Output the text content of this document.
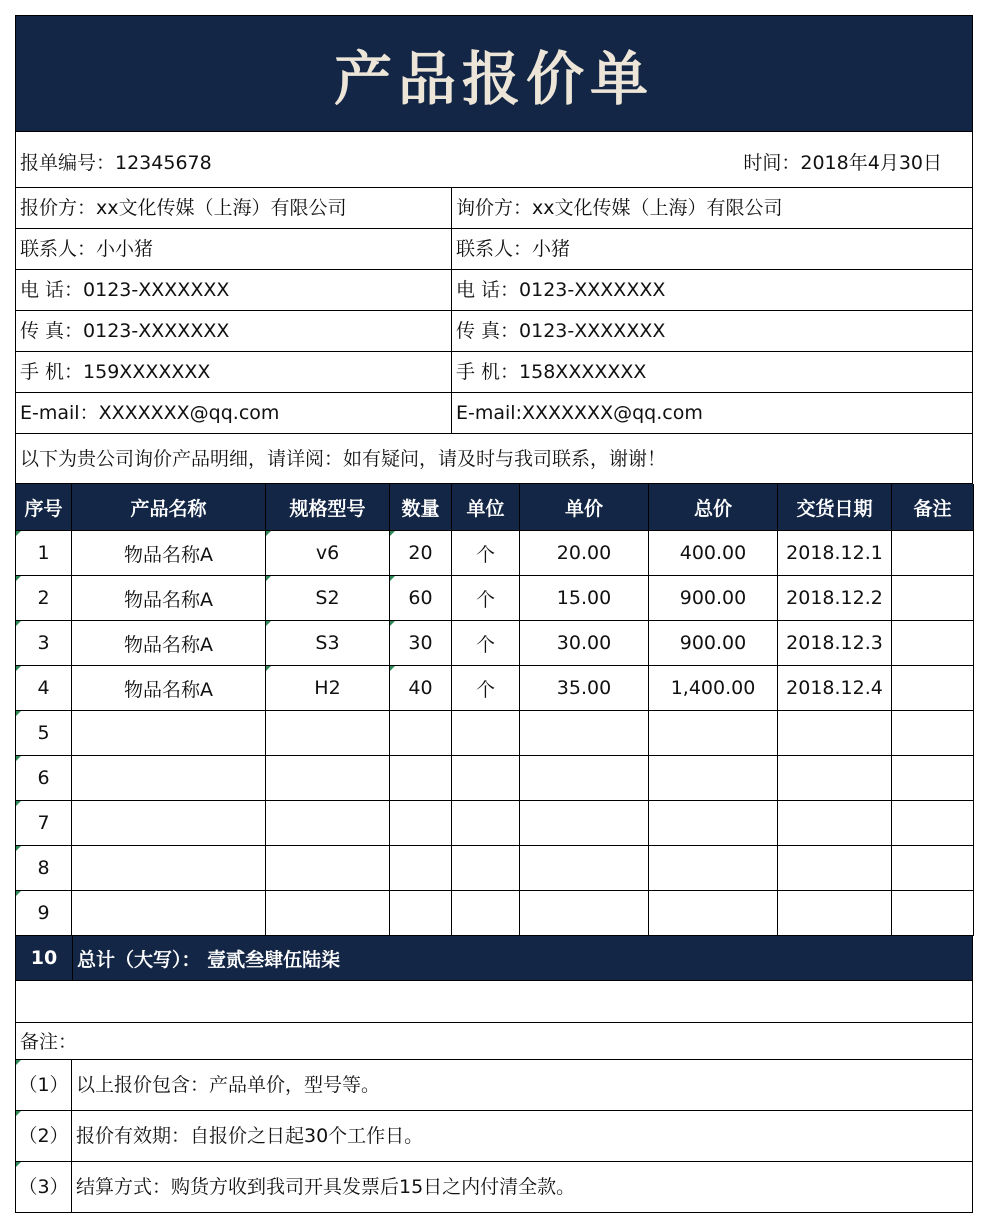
产品报价单
报单编号：12345678	时间：2018年4月30日
报价方：xx文化传媒（上海）有限公司	询价方：xx文化传媒（上海）有限公司
联系人：小小猪	联系人：小猪
电 话：0123-XXXXXXX	电 话：0123-XXXXXXX
传 真：0123-XXXXXXX	传 真：0123-XXXXXXX
手 机：159XXXXXXX	手 机：158XXXXXXX
E-mail：XXXXXXX@qq.com	E-mail:XXXXXXX@qq.com
以下为贵公司询价产品明细，请详阅：如有疑问，请及时与我司联系，谢谢！
序号	产品名称	规格型号	数量	单位	单价	总价	交货日期	备注
1	物品名称A	v6	20	个	20.00	400.00	2018.12.1	
2	物品名称A	S2	60	个	15.00	900.00	2018.12.2	
3	物品名称A	S3	30	个	30.00	900.00	2018.12.3	
4	物品名称A	H2	40	个	35.00	1,400.00	2018.12.4	
5								
6								
7								
8								
9								
10	总计（大写）： 壹贰叁肆伍陆柒
备注：
（1） 以上报价包含：产品单价，型号等。
（2） 报价有效期：自报价之日起30个工作日。
（3） 结算方式：购货方收到我司开具发票后15日之内付清全款。
